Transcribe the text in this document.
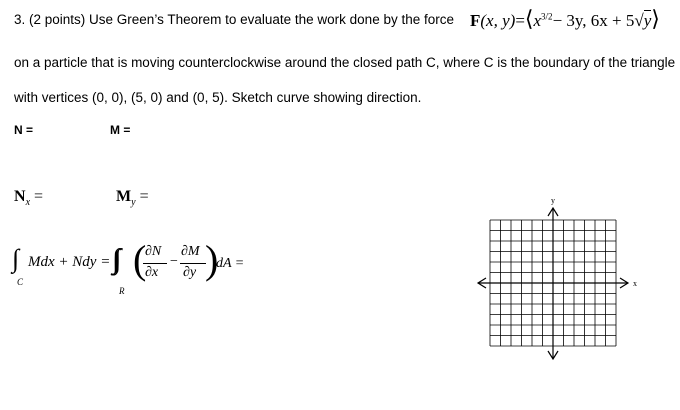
3. (2 points) Use Green’s Theorem to evaluate the work done by the force F(x, $y)=⟨x^{3/2}- 3y$, 6x + 5√y⟩
on a particle that is moving counterclockwise around the closed path C, where C is the boundary of the triangle
with vertices (0, 0), (5, 0) and (0, 5). Sketch curve showing direction.
N =	M =
$N_x$ =	$M_y$ =
∫
C
Mdx + Ndy = ∫∫
R
(
∂N
∂x
−
∂M
∂y )
dA =
y
x
